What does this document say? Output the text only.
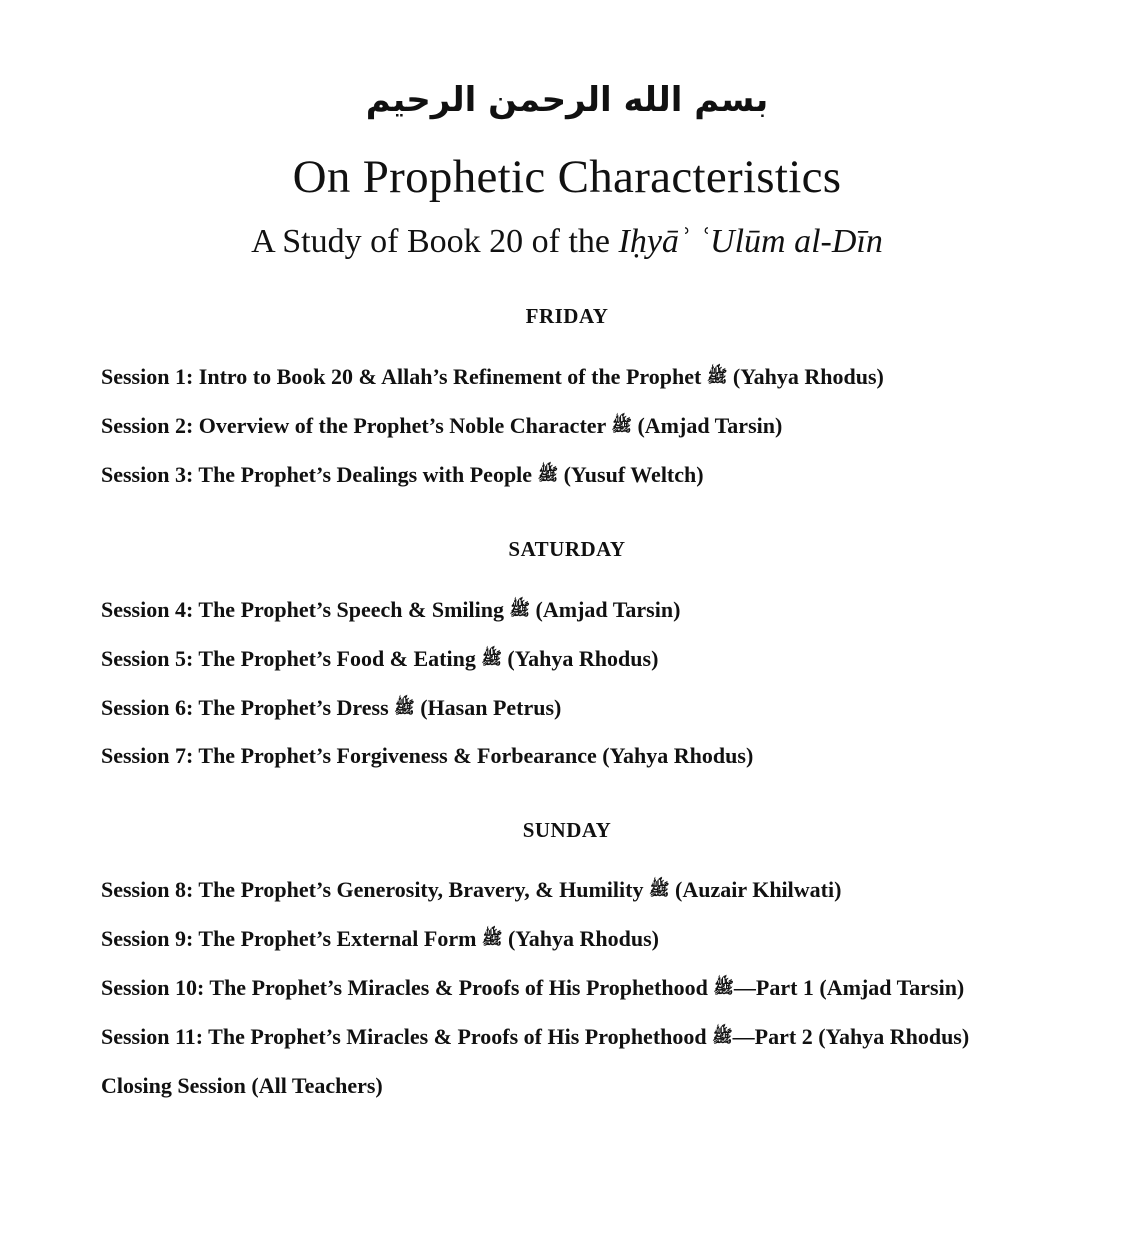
بسم الله الرحمن الرحيم
On Prophetic Characteristics
A Study of Book 20 of the Iḥyāʾ ʿUlūm al-Dīn
FRIDAY
Session 1: Intro to Book 20 & Allah’s Refinement of the Prophet ﷺ (Yahya Rhodus)
Session 2: Overview of the Prophet’s Noble Character ﷺ (Amjad Tarsin)
Session 3: The Prophet’s Dealings with People ﷺ (Yusuf Weltch)
SATURDAY
Session 4: The Prophet’s Speech & Smiling ﷺ (Amjad Tarsin)
Session 5: The Prophet’s Food & Eating ﷺ (Yahya Rhodus)
Session 6: The Prophet’s Dress ﷺ (Hasan Petrus)
Session 7: The Prophet’s Forgiveness & Forbearance (Yahya Rhodus)
SUNDAY
Session 8: The Prophet’s Generosity, Bravery, & Humility ﷺ (Auzair Khilwati)
Session 9: The Prophet’s External Form ﷺ (Yahya Rhodus)
Session 10: The Prophet’s Miracles & Proofs of His Prophethood ﷺ—Part 1 (Amjad Tarsin)
Session 11: The Prophet’s Miracles & Proofs of His Prophethood ﷺ—Part 2 (Yahya Rhodus)
Closing Session (All Teachers)
